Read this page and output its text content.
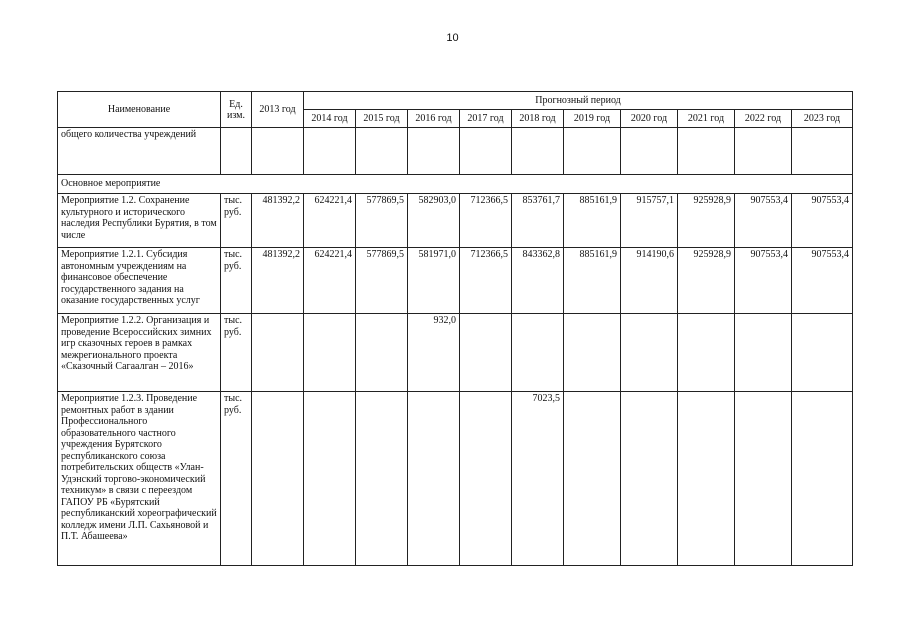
10
Наименование	Ед. изм.	2013 год	Прогнозный период									
			2014 год	2015 год	2016 год	2017 год	2018 год	2019 год	2020 год	2021 год	2022 год	2023 год
общего количества учреждений												
Основное мероприятие												
Мероприятие 1.2. Сохранение культурного и исторического наследия Республики Бурятия, в том числе	тыс. руб.	481392,2	624221,4	577869,5	582903,0	712366,5	853761,7	885161,9	915757,1	925928,9	907553,4	907553,4
Мероприятие 1.2.1. Субсидия автономным учреждениям на финансовое обеспечение государственного задания на оказание государственных услуг	тыс. руб.	481392,2	624221,4	577869,5	581971,0	712366,5	843362,8	885161,9	914190,6	925928,9	907553,4	907553,4
Мероприятие 1.2.2. Организация и проведение Всероссийских зимних игр сказочных героев в рамках межрегионального проекта «Сказочный Сагаалган – 2016»	тыс. руб.				932,0							
Мероприятие 1.2.3. Проведение ремонтных работ в здании Профессионального образовательного частного учреждения Бурятского республиканского союза потребительских обществ «Улан-Удэнский торгово-экономический техникум» в связи с переездом ГАПОУ РБ «Бурятский республиканский хореографический колледж имени Л.П. Сахьяновой и П.Т. Абашеева»	тыс. руб.						7023,5					
